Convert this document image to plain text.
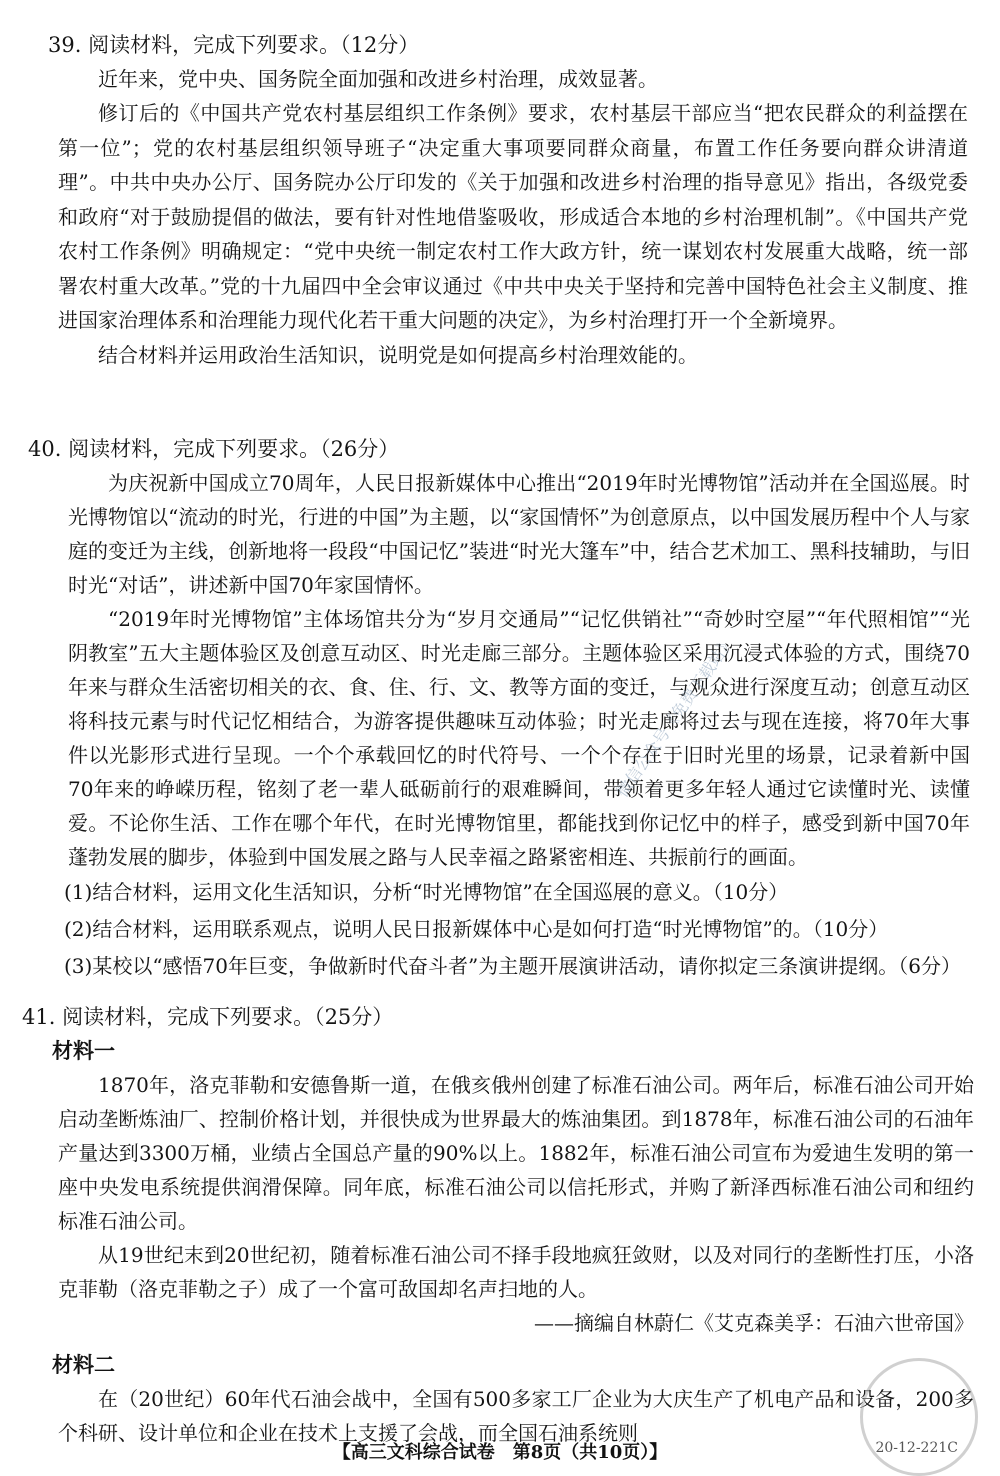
39. 阅读材料，完成下列要求。（12分）

近年来，党中央、国务院全面加强和改进乡村治理，成效显著。

修订后的《中国共产党农村基层组织工作条例》要求，农村基层干部应当“把农民群众的利益摆在第一位”；党的农村基层组织领导班子“决定重大事项要同群众商量，布置工作任务要向群众讲清道理”。中共中央办公厅、国务院办公厅印发的《关于加强和改进乡村治理的指导意见》指出，各级党委和政府“对于鼓励提倡的做法，要有针对性地借鉴吸收，形成适合本地的乡村治理机制”。《中国共产党农村工作条例》明确规定：“党中央统一制定农村工作大政方针，统一谋划农村发展重大战略，统一部署农村重大改革。”党的十九届四中全会审议通过《中共中央关于坚持和完善中国特色社会主义制度、推进国家治理体系和治理能力现代化若干重大问题的决定》，为乡村治理打开一个全新境界。

结合材料并运用政治生活知识，说明党是如何提高乡村治理效能的。

40. 阅读材料，完成下列要求。（26分）

为庆祝新中国成立70周年，人民日报新媒体中心推出“2019年时光博物馆”活动并在全国巡展。时光博物馆以“流动的时光，行进的中国”为主题，以“家国情怀”为创意原点，以中国发展历程中个人与家庭的变迁为主线，创新地将一段段“中国记忆”装进“时光大篷车”中，结合艺术加工、黑科技辅助，与旧时光“对话”，讲述新中国70年家国情怀。

“2019年时光博物馆”主体场馆共分为“岁月交通局”“记忆供销社”“奇妙时空屋”“年代照相馆”“光阴教室”五大主题体验区及创意互动区、时光走廊三部分。主题体验区采用沉浸式体验的方式，围绕70年来与群众生活密切相关的衣、食、住、行、文、教等方面的变迁，与观众进行深度互动；创意互动区将科技元素与时代记忆相结合，为游客提供趣味互动体验；时光走廊将过去与现在连接，将70年大事件以光影形式进行呈现。一个个承载回忆的时代符号、一个个存在于旧时光里的场景，记录着新中国70年来的峥嵘历程，铭刻了老一辈人砥砺前行的艰难瞬间，带领着更多年轻人通过它读懂时光、读懂爱。不论你生活、工作在哪个年代，在时光博物馆里，都能找到你记忆中的样子，感受到新中国70年蓬勃发展的脚步，体验到中国发展之路与人民幸福之路紧密相连、共振前行的画面。

(1)结合材料，运用文化生活知识，分析“时光博物馆”在全国巡展的意义。（10分）

(2)结合材料，运用联系观点，说明人民日报新媒体中心是如何打造“时光博物馆”的。（10分）

(3)某校以“感悟70年巨变，争做新时代奋斗者”为主题开展演讲活动，请你拟定三条演讲提纲。（6分）

41. 阅读材料，完成下列要求。（25分）

材料一

1870年，洛克菲勒和安德鲁斯一道，在俄亥俄州创建了标准石油公司。两年后，标准石油公司开始启动垄断炼油厂、控制价格计划，并很快成为世界最大的炼油集团。到1878年，标准石油公司的石油年产量达到3300万桶，业绩占全国总产量的90%以上。1882年，标准石油公司宣布为爱迪生发明的第一座中央发电系统提供润滑保障。同年底，标准石油公司以信托形式，并购了新泽西标准石油公司和纽约标准石油公司。

从19世纪末到20世纪初，随着标准石油公司不择手段地疯狂敛财，以及对同行的垄断性打压，小洛克菲勒（洛克菲勒之子）成了一个富可敌国却名声扫地的人。

——摘编自林蔚仁《艾克森美孚：石油六世帝国》

材料二

在（20世纪）60年代石油会战中，全国有500多家工厂企业为大庆生产了机电产品和设备，200多个科研、设计单位和企业在技术上支援了会战，而全国石油系统则

微信公众号《免费下载站》
【高三文科综合试卷　第8页（共10页）】	20-12-221C
